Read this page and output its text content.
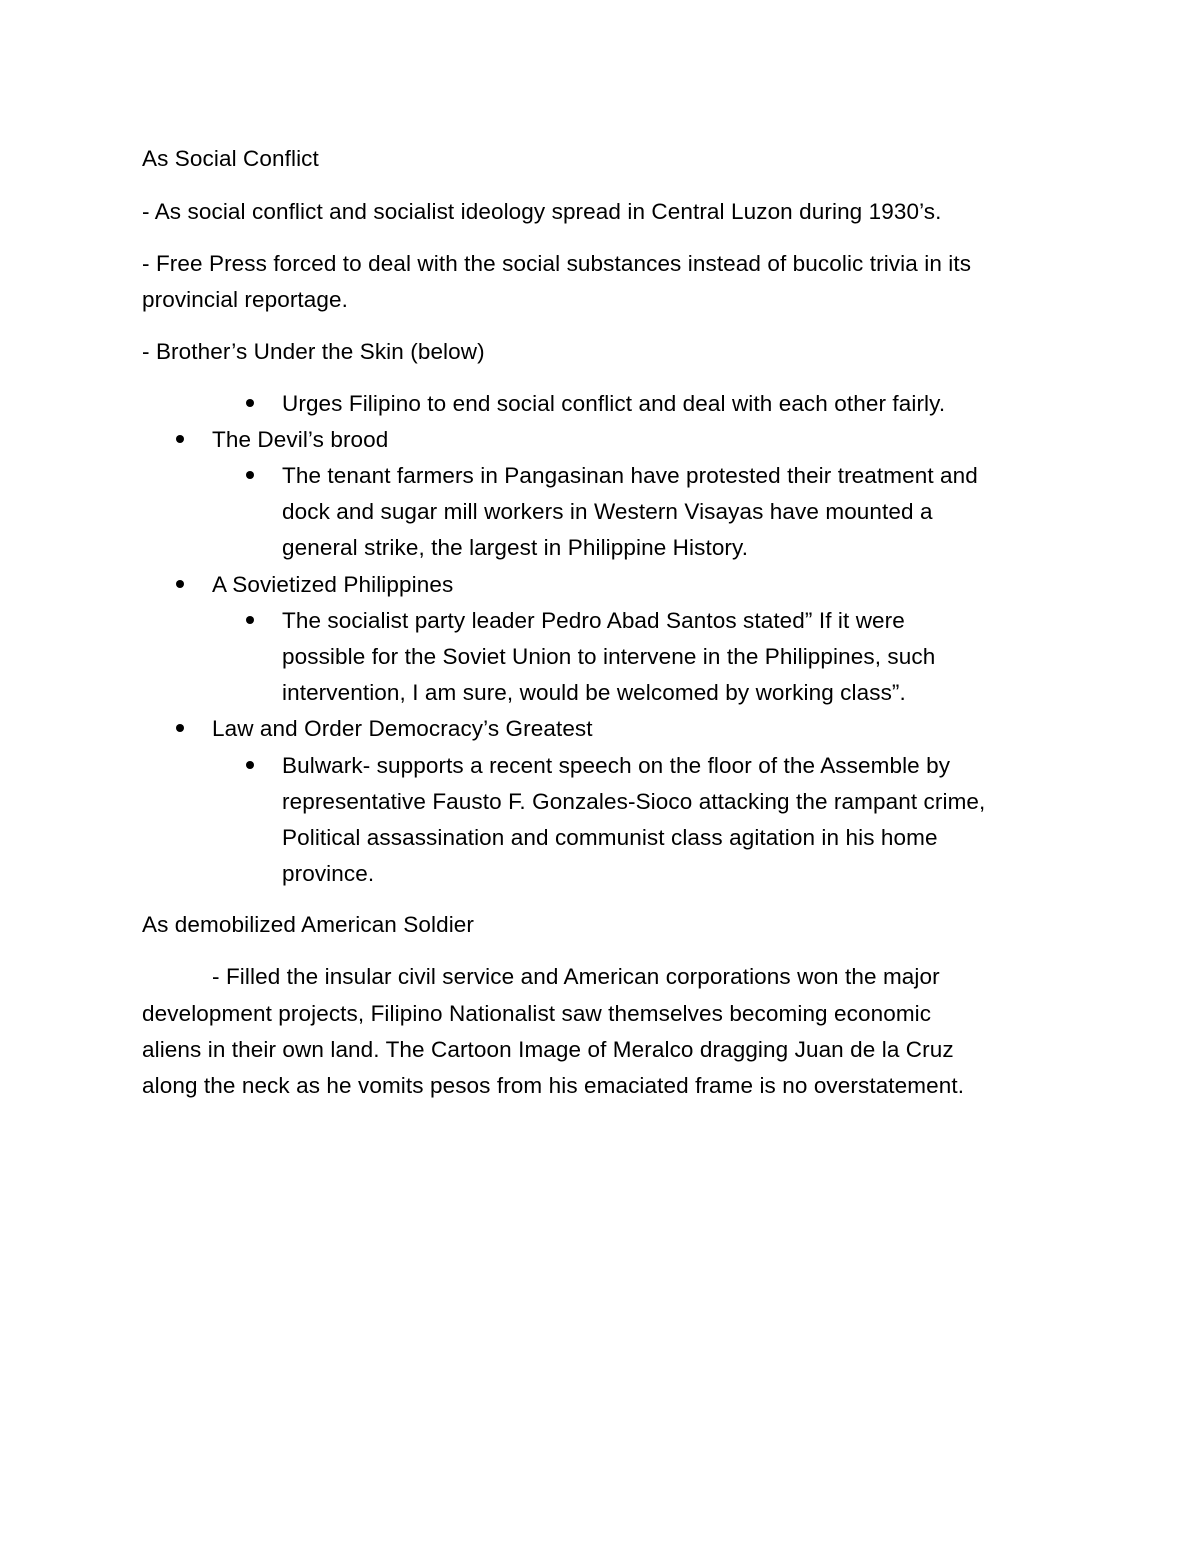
As Social Conflict
- As social conflict and socialist ideology spread in Central Luzon during 1930’s.
- Free Press forced to deal with the social substances instead of bucolic trivia in its
provincial reportage.
- Brother’s Under the Skin (below)
Urges Filipino to end social conflict and deal with each other fairly.
The Devil’s brood
The tenant farmers in Pangasinan have protested their treatment and
dock and sugar mill workers in Western Visayas have mounted a
general strike, the largest in Philippine History.
A Sovietized Philippines
The socialist party leader Pedro Abad Santos stated” If it were
possible for the Soviet Union to intervene in the Philippines, such
intervention, I am sure, would be welcomed by working class”.
Law and Order Democracy’s Greatest
Bulwark- supports a recent speech on the floor of the Assemble by
representative Fausto F. Gonzales-Sioco attacking the rampant crime,
Political assassination and communist class agitation in his home
province.
As demobilized American Soldier
- Filled the insular civil service and American corporations won the major
development projects, Filipino Nationalist saw themselves becoming economic
aliens in their own land. The Cartoon Image of Meralco dragging Juan de la Cruz
along the neck as he vomits pesos from his emaciated frame is no overstatement.
